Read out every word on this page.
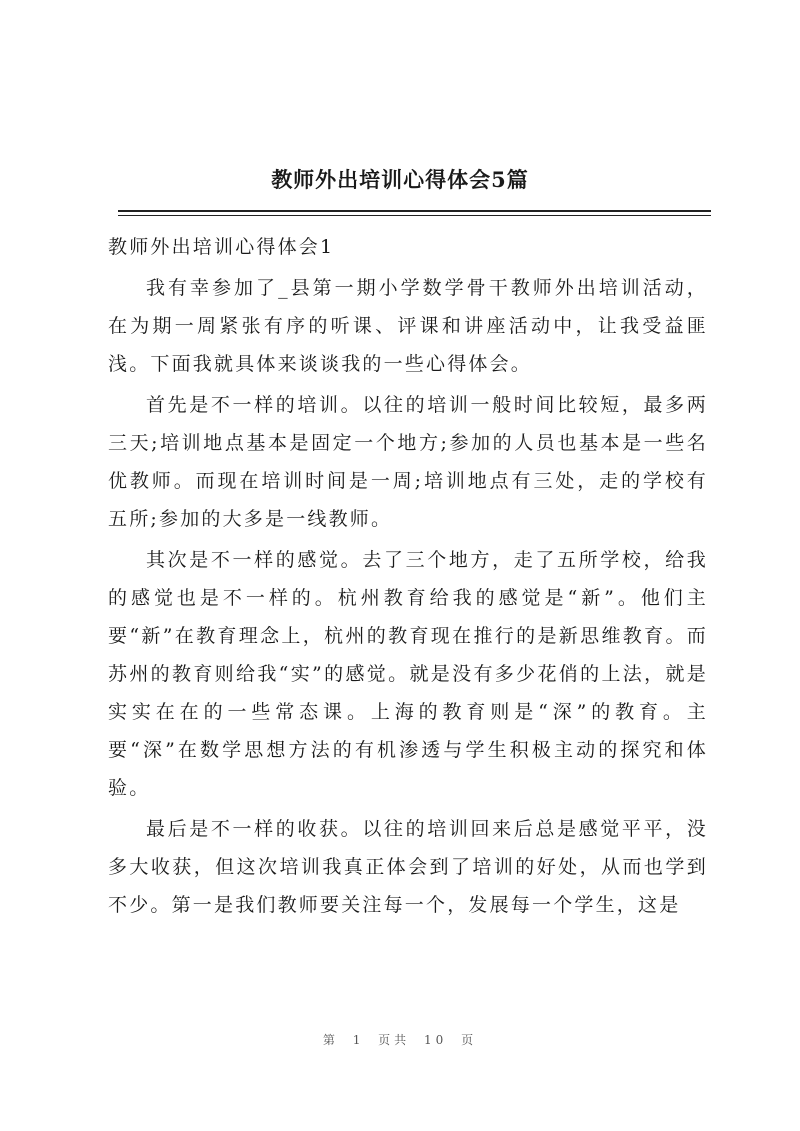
教师外出培训心得体会5篇

教师外出培训心得体会1

我有幸参加了_县第一期小学数学骨干教师外出培训活动，在为期一周紧张有序的听课、评课和讲座活动中，让我受益匪浅。下面我就具体来谈谈我的一些心得体会。

首先是不一样的培训。以往的培训一般时间比较短，最多两三天;培训地点基本是固定一个地方;参加的人员也基本是一些名优教师。而现在培训时间是一周;培训地点有三处，走的学校有五所;参加的大多是一线教师。

其次是不一样的感觉。去了三个地方，走了五所学校，给我的感觉也是不一样的。杭州教育给我的感觉是“新”。他们主要“新”在教育理念上，杭州的教育现在推行的是新思维教育。而苏州的教育则给我“实”的感觉。就是没有多少花俏的上法，就是实实在在的一些常态课。上海的教育则是“深”的教育。主要“深”在数学思想方法的有机渗透与学生积极主动的探究和体验。

最后是不一样的收获。以往的培训回来后总是感觉平平，没多大收获，但这次培训我真正体会到了培训的好处，从而也学到不少。第一是我们教师要关注每一个，发展每一个学生，这是

第 1 页共 10 页
